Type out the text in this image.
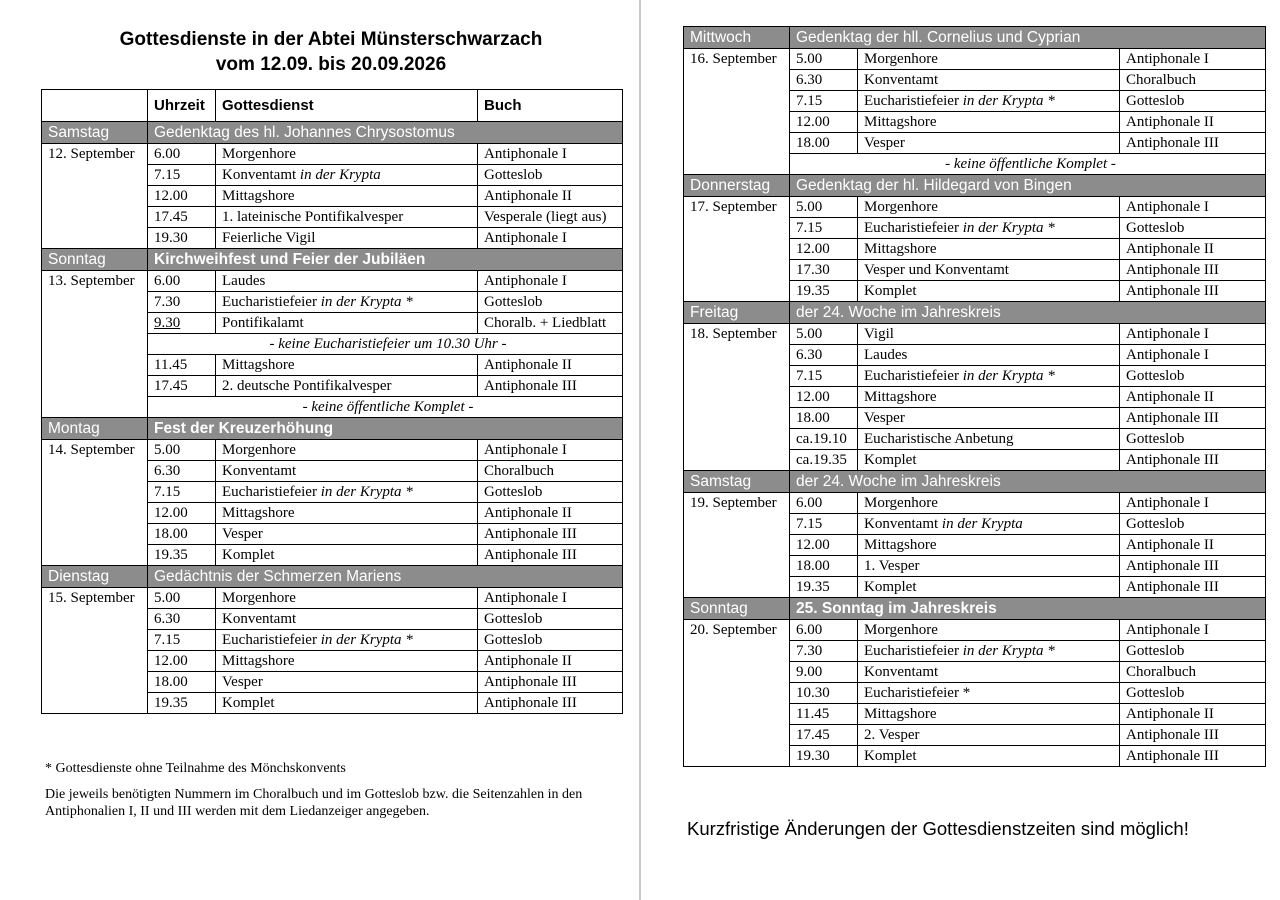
Gottesdienste in der Abtei Münsterschwarzach
vom 12.09. bis 20.09.2026
	Uhrzeit	Gottesdienst	Buch
Samstag	Gedenktag des hl. Johannes Chrysostomus		
12. September	6.00	Morgenhore	Antiphonale I
	7.15	Konventamt in der Krypta	Gotteslob
	12.00	Mittagshore	Antiphonale II
	17.45	1. lateinische Pontifikalvesper	Vesperale (liegt aus)
	19.30	Feierliche Vigil	Antiphonale I
Sonntag	Kirchweihfest und Feier der Jubiläen		
13. September	6.00	Laudes	Antiphonale I
	7.30	Eucharistiefeier in der Krypta *	Gotteslob
	9.30	Pontifikalamt	Choralb. + Liedblatt
	- keine Eucharistiefeier um 10.30 Uhr -		
	11.45	Mittagshore	Antiphonale II
	17.45	2. deutsche Pontifikalvesper	Antiphonale III
	- keine öffentliche Komplet -		
Montag	Fest der Kreuzerhöhung		
14. September	5.00	Morgenhore	Antiphonale I
	6.30	Konventamt	Choralbuch
	7.15	Eucharistiefeier in der Krypta *	Gotteslob
	12.00	Mittagshore	Antiphonale II
	18.00	Vesper	Antiphonale III
	19.35	Komplet	Antiphonale III
Dienstag	Gedächtnis der Schmerzen Mariens		
15. September	5.00	Morgenhore	Antiphonale I
	6.30	Konventamt	Gotteslob
	7.15	Eucharistiefeier in der Krypta *	Gotteslob
	12.00	Mittagshore	Antiphonale II
	18.00	Vesper	Antiphonale III
	19.35	Komplet	Antiphonale III
Mittwoch	Gedenktag der hll. Cornelius und Cyprian		
16. September	5.00	Morgenhore	Antiphonale I
	6.30	Konventamt	Choralbuch
	7.15	Eucharistiefeier in der Krypta *	Gotteslob
	12.00	Mittagshore	Antiphonale II
	18.00	Vesper	Antiphonale III
	- keine öffentliche Komplet -		
Donnerstag	Gedenktag der hl. Hildegard von Bingen		
17. September	5.00	Morgenhore	Antiphonale I
	7.15	Eucharistiefeier in der Krypta *	Gotteslob
	12.00	Mittagshore	Antiphonale II
	17.30	Vesper und Konventamt	Antiphonale III
	19.35	Komplet	Antiphonale III
Freitag	der 24. Woche im Jahreskreis		
18. September	5.00	Vigil	Antiphonale I
	6.30	Laudes	Antiphonale I
	7.15	Eucharistiefeier in der Krypta *	Gotteslob
	12.00	Mittagshore	Antiphonale II
	18.00	Vesper	Antiphonale III
	ca.19.10	Eucharistische Anbetung	Gotteslob
	ca.19.35	Komplet	Antiphonale III
Samstag	der 24. Woche im Jahreskreis		
19. September	6.00	Morgenhore	Antiphonale I
	7.15	Konventamt in der Krypta	Gotteslob
	12.00	Mittagshore	Antiphonale II
	18.00	1. Vesper	Antiphonale III
	19.35	Komplet	Antiphonale III
Sonntag	25. Sonntag im Jahreskreis		
20. September	6.00	Morgenhore	Antiphonale I
	7.30	Eucharistiefeier in der Krypta *	Gotteslob
	9.00	Konventamt	Choralbuch
	10.30	Eucharistiefeier *	Gotteslob
	11.45	Mittagshore	Antiphonale II
	17.45	2. Vesper	Antiphonale III
	19.30	Komplet	Antiphonale III
* Gottesdienste ohne Teilnahme des Mönchskonvents
Die jeweils benötigten Nummern im Choralbuch und im Gotteslob bzw. die Seitenzahlen in den Antiphonalien I, II und III werden mit dem Liedanzeiger angegeben.
Kurzfristige Änderungen der Gottesdienstzeiten sind möglich!
